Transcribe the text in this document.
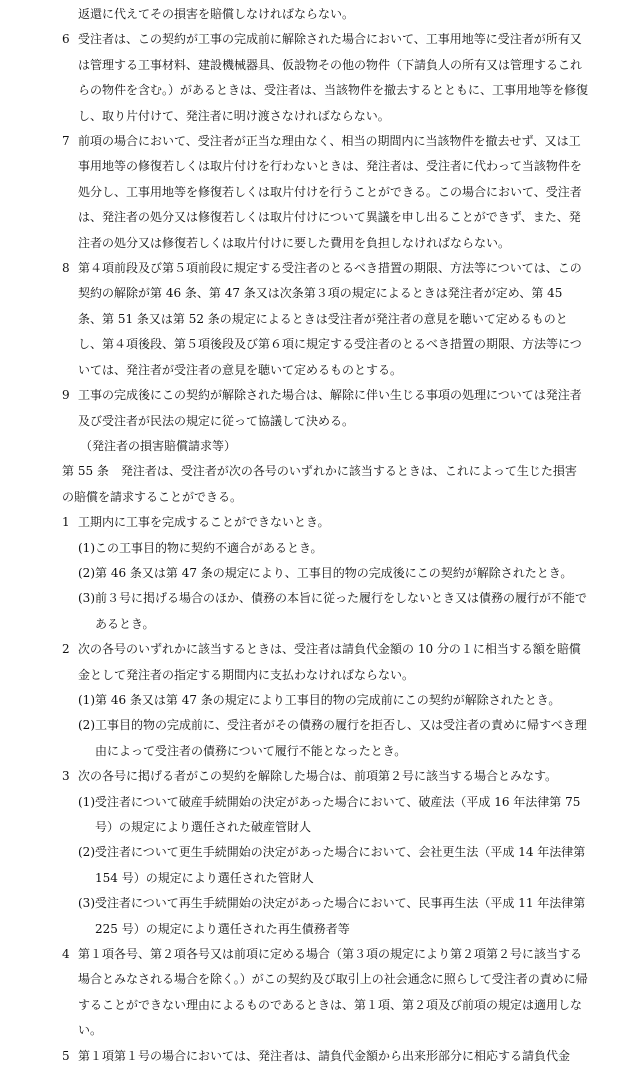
返還に代えてその損害を賠償しなければならない。

6 受注者は、この契約が工事の完成前に解除された場合において、工事用地等に受注者が所有又は管理する工事材料、建設機械器具、仮設物その他の物件（下請負人の所有又は管理するこれらの物件を含む。）があるときは、受注者は、当該物件を撤去するとともに、工事用地等を修復し、取り片付けて、発注者に明け渡さなければならない。

7 前項の場合において、受注者が正当な理由なく、相当の期間内に当該物件を撤去せず、又は工事用地等の修復若しくは取片付けを行わないときは、発注者は、受注者に代わって当該物件を処分し、工事用地等を修復若しくは取片付けを行うことができる。この場合において、受注者は、発注者の処分又は修復若しくは取片付けについて異議を申し出ることができず、また、発注者の処分又は修復若しくは取片付けに要した費用を負担しなければならない。

8 第４項前段及び第５項前段に規定する受注者のとるべき措置の期限、方法等については、この契約の解除が第 46 条、第 47 条又は次条第３項の規定によるときは発注者が定め、第 45 条、第 51 条又は第 52 条の規定によるときは受注者が発注者の意見を聴いて定めるものとし、第４項後段、第５項後段及び第６項に規定する受注者のとるべき措置の期限、方法等については、発注者が受注者の意見を聴いて定めるものとする。

9 工事の完成後にこの契約が解除された場合は、解除に伴い生じる事項の処理については発注者及び受注者が民法の規定に従って協議して決める。

（発注者の損害賠償請求等）

第 55 条　 発注者は、受注者が次の各号のいずれかに該当するときは、これによって生じた損害の賠償を請求することができる。

1 工期内に工事を完成することができないとき。

(1) この工事目的物に契約不適合があるとき。

(2) 第 46 条又は第 47 条の規定により、工事目的物の完成後にこの契約が解除されたとき。

(3) 前３号に掲げる場合のほか、債務の本旨に従った履行をしないとき又は債務の履行が不能であるとき。

2 次の各号のいずれかに該当するときは、受注者は請負代金額の 10 分の１に相当する額を賠償金として発注者の指定する期間内に支払わなければならない。

(1) 第 46 条又は第 47 条の規定により工事目的物の完成前にこの契約が解除されたとき。

(2) 工事目的物の完成前に、受注者がその債務の履行を拒否し、又は受注者の責めに帰すべき理由によって受注者の債務について履行不能となったとき。

3 次の各号に掲げる者がこの契約を解除した場合は、前項第２号に該当する場合とみなす。

(1) 受注者について破産手続開始の決定があった場合において、破産法（平成 16 年法律第 75 号）の規定により選任された破産管財人

(2) 受注者について更生手続開始の決定があった場合において、会社更生法（平成 14 年法律第 154 号）の規定により選任された管財人

(3) 受注者について再生手続開始の決定があった場合において、民事再生法（平成 11 年法律第 225 号）の規定により選任された再生債務者等

4 第１項各号、第２項各号又は前項に定める場合（第３項の規定により第２項第２号に該当する場合とみなされる場合を除く。）がこの契約及び取引上の社会通念に照らして受注者の責めに帰することができない理由によるものであるときは、第１項、第２項及び前項の規定は適用しない。

5 第１項第１号の場合においては、発注者は、請負代金額から出来形部分に相応する請負代金
